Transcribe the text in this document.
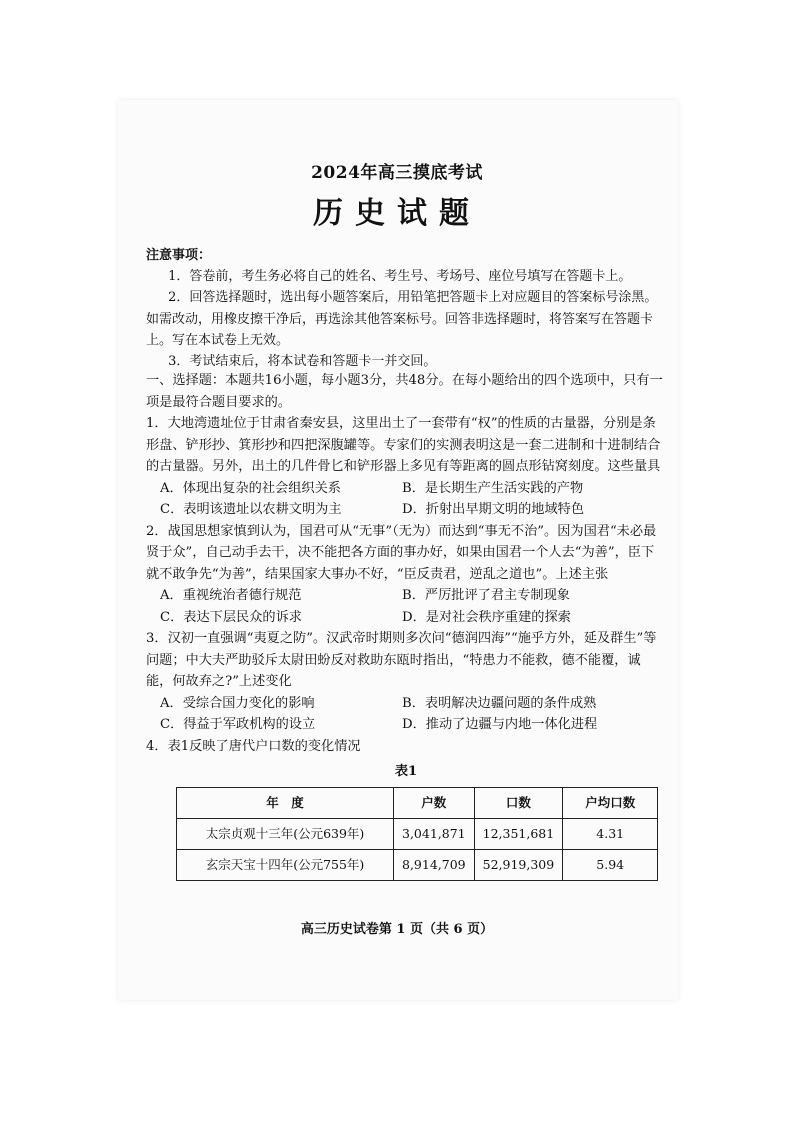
2024年高三摸底考试
历史试题
注意事项：
1．答卷前，考生务必将自己的姓名、考生号、考场号、座位号填写在答题卡上。
2．回答选择题时，选出每小题答案后，用铅笔把答题卡上对应题目的答案标号涂黑。如需改动，用橡皮擦干净后，再选涂其他答案标号。回答非选择题时，将答案写在答题卡上。写在本试卷上无效。
3．考试结束后，将本试卷和答题卡一并交回。
一、选择题：本题共16小题，每小题3分，共48分。在每小题给出的四个选项中，只有一项是最符合题目要求的。
1．大地湾遗址位于甘肃省秦安县，这里出土了一套带有“权”的性质的古量器，分别是条形盘、铲形抄、箕形抄和四把深腹罐等。专家们的实测表明这是一套二进制和十进制结合的古量器。另外，出土的几件骨匕和铲形器上多见有等距离的圆点形钻窝刻度。这些量具
A．体现出复杂的社会组织关系	B．是长期生产生活实践的产物
C．表明该遗址以农耕文明为主	D．折射出早期文明的地域特色
2．战国思想家慎到认为，国君可从“无事”（无为）而达到“事无不治”。因为国君“未必最贤于众”，自己动手去干，决不能把各方面的事办好，如果由国君一个人去“为善”，臣下就不敢争先“为善”，结果国家大事办不好，“臣反责君，逆乱之道也”。上述主张
A．重视统治者德行规范	B．严厉批评了君主专制现象
C．表达下层民众的诉求	D．是对社会秩序重建的探索
3．汉初一直强调“夷夏之防”。汉武帝时期则多次问“德润四海”“施乎方外，延及群生”等问题；中大夫严助驳斥太尉田蚡反对救助东瓯时指出，“特患力不能救，德不能覆，诚能，何故弃之?”上述变化
A．受综合国力变化的影响	B．表明解决边疆问题的条件成熟
C．得益于军政机构的设立	D．推动了边疆与内地一体化进程
4．表1反映了唐代户口数的变化情况
表1
年　度	户数	口数	户均口数
太宗贞观十三年(公元639年)	3,041,871	12,351,681	4.31
玄宗天宝十四年(公元755年)	8,914,709	52,919,309	5.94
高三历史试卷第 1 页（共 6 页）
